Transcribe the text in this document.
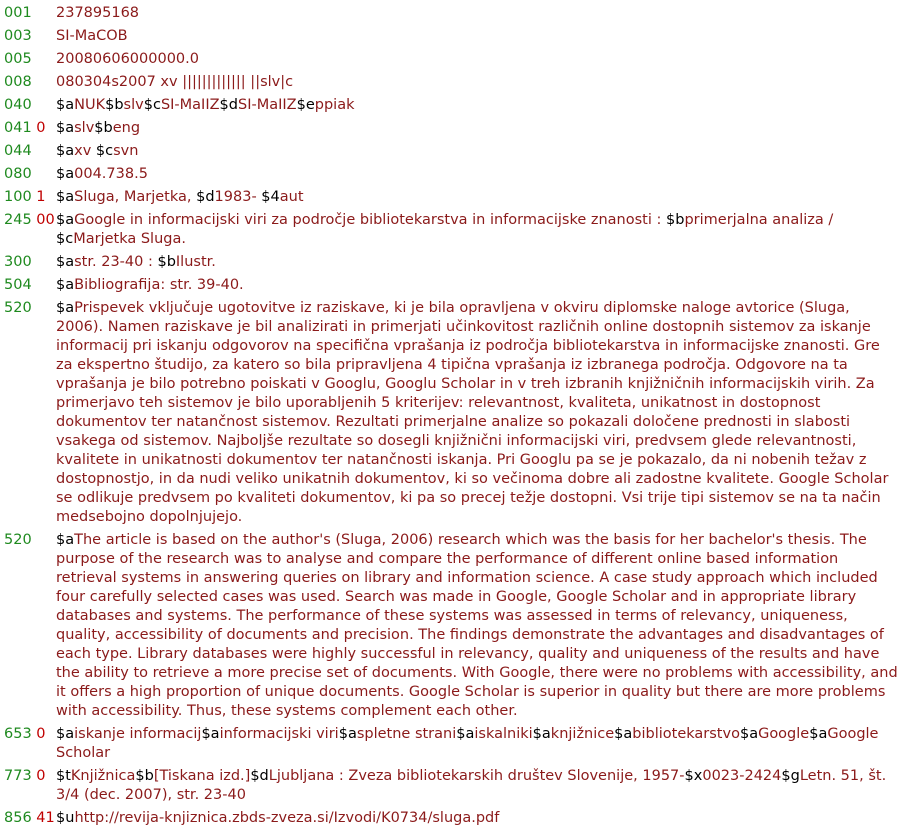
001 237895168
003 SI-MaCOB
005 20080606000000.0
008 080304s2007 xv ||||||||||||| ||slv|c
040 $aNUK$bslv$cSI-MaIIZ$dSI-MaIIZ$eppiak
041 0 $aslv$beng
044 $axv $csvn
080 $a004.738.5
100 1 $aSluga, Marjetka, $d1983- $4aut
245 00 $aGoogle in informacijski viri za področje bibliotekarstva in informacijske znanosti : $bprimerjalna analiza / $cMarjetka Sluga.
300 $astr. 23-40 : $bIlustr.
504 $aBibliografija: str. 39-40.
520 $aPrispevek vključuje ugotovitve iz raziskave, ki je bila opravljena v okviru diplomske naloge avtorice (Sluga, 2006). Namen raziskave je bil analizirati in primerjati učinkovitost različnih online dostopnih sistemov za iskanje informacij pri iskanju odgovorov na specifična vprašanja iz področja bibliotekarstva in informacijske znanosti. Gre za ekspertno študijo, za katero so bila pripravljena 4 tipična vprašanja iz izbranega področja. Odgovore na ta vprašanja je bilo potrebno poiskati v Googlu, Googlu Scholar in v treh izbranih knjižničnih informacijskih virih. Za primerjavo teh sistemov je bilo uporabljenih 5 kriterijev: relevantnost, kvaliteta, unikatnost in dostopnost dokumentov ter natančnost sistemov. Rezultati primerjalne analize so pokazali določene prednosti in slabosti vsakega od sistemov. Najboljše rezultate so dosegli knjižnični informacijski viri, predvsem glede relevantnosti, kvalitete in unikatnosti dokumentov ter natančnosti iskanja. Pri Googlu pa se je pokazalo, da ni nobenih težav z dostopnostjo, in da nudi veliko unikatnih dokumentov, ki so večinoma dobre ali zadostne kvalitete. Google Scholar se odlikuje predvsem po kvaliteti dokumentov, ki pa so precej težje dostopni. Vsi trije tipi sistemov se na ta način medsebojno dopolnjujejo.
520 $aThe article is based on the author's (Sluga, 2006) research which was the basis for her bachelor's thesis. The purpose of the research was to analyse and compare the performance of different online based information retrieval systems in answering queries on library and information science. A case study approach which included four carefully selected cases was used. Search was made in Google, Google Scholar and in appropriate library databases and systems. The performance of these systems was assessed in terms of relevancy, uniqueness, quality, accessibility of documents and precision. The findings demonstrate the advantages and disadvantages of each type. Library databases were highly successful in relevancy, quality and uniqueness of the results and have the ability to retrieve a more precise set of documents. With Google, there were no problems with accessibility, and it offers a high proportion of unique documents. Google Scholar is superior in quality but there are more problems with accessibility. Thus, these systems complement each other.
653 0 $aiskanje informacij$ainformacijski viri$aspletne strani$aiskalniki$aknjižnice$abibliotekarstvo$aGoogle$aGoogle Scholar
773 0 $tKnjižnica$b[Tiskana izd.]$dLjubljana : Zveza bibliotekarskih društev Slovenije, 1957-$x0023-2424$gLetn. 51, št. 3/4 (dec. 2007), str. 23-40
856 41 $uhttp://revija-knjiznica.zbds-zveza.si/Izvodi/K0734/sluga.pdf
